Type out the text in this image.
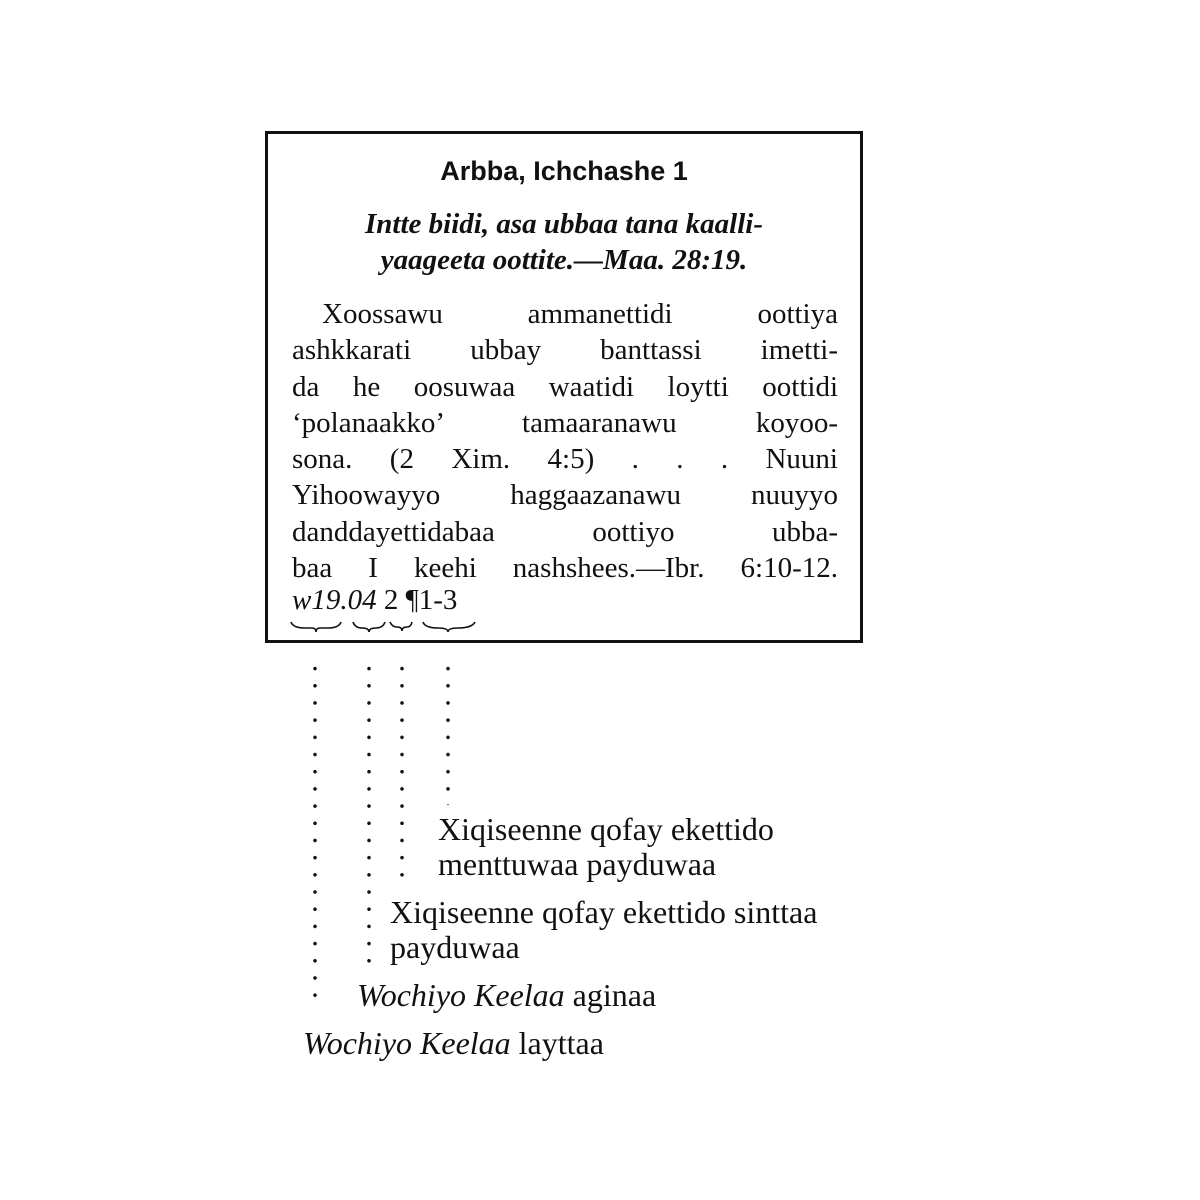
Arbba, Ichchashe 1
Intte biidi, asa ubbaa tana kaalli-
yaageeta oottite.—Maa. 28:19.
Xoossawu ammanettidi oottiya
ashkkarati ubbay banttassi imetti-
da he oosuwaa waatidi loytti oottidi
‘polanaakko’ tamaaranawu koyoo-
sona. (2 Xim. 4:5) . . . Nuuni
Yihoowayyo haggaazanawu nuuyyo
danddayettidabaa oottiyo ubba-
baa I keehi nashshees.—Ibr. 6:10-12.
w19.04 2 ¶1-3
Xiqiseenne qofay ekettido
menttuwaa payduwaa
Xiqiseenne qofay ekettido sinttaa
payduwaa
Wochiyo Keelaa aginaa
Wochiyo Keelaa layttaa
